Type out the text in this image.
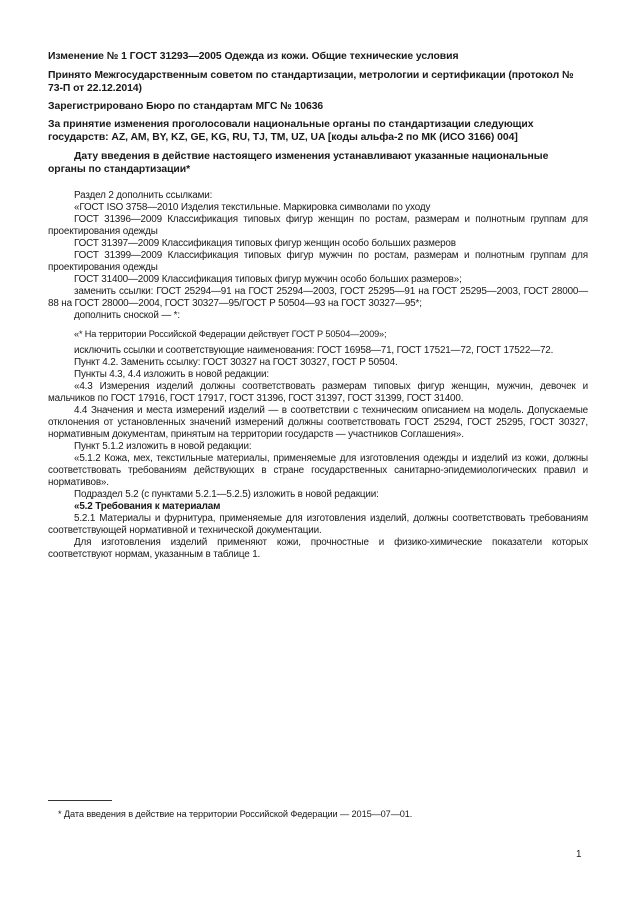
Изменение № 1 ГОСТ 31293—2005 Одежда из кожи. Общие технические условия
Принято Межгосударственным советом по стандартизации, метрологии и сертификации (протокол № 73-П от 22.12.2014)
Зарегистрировано Бюро по стандартам МГС № 10636
За принятие изменения проголосовали национальные органы по стандартизации следующих государств: AZ, AM, BY, KZ, GE, KG, RU, TJ, TM, UZ, UA [коды альфа-2 по МК (ИСО 3166) 004]
Дату введения в действие настоящего изменения устанавливают указанные национальные органы по стандартизации*

Раздел 2 дополнить ссылками:

«ГОСТ ISO 3758—2010 Изделия текстильные. Маркировка символами по уходу

ГОСТ 31396—2009 Классификация типовых фигур женщин по ростам, размерам и полнотным группам для проектирования одежды

ГОСТ 31397—2009 Классификация типовых фигур женщин особо больших размеров

ГОСТ 31399—2009 Классификация типовых фигур мужчин по ростам, размерам и полнотным группам для проектирования одежды

ГОСТ 31400—2009 Классификация типовых фигур мужчин особо больших размеров»;

заменить ссылки: ГОСТ 25294—91 на ГОСТ 25294—2003, ГОСТ 25295—91 на ГОСТ 25295—2003, ГОСТ 28000—88 на ГОСТ 28000—2004, ГОСТ 30327—95/ГОСТ Р 50504—93 на ГОСТ 30327—95*;

дополнить сноской — *:

«* На территории Российской Федерации действует ГОСТ Р 50504—2009»;

исключить ссылки и соответствующие наименования: ГОСТ 16958—71, ГОСТ 17521—72, ГОСТ 17522—72.

Пункт 4.2. Заменить ссылку: ГОСТ 30327 на ГОСТ 30327, ГОСТ Р 50504.

Пункты 4.3, 4.4 изложить в новой редакции:

«4.3 Измерения изделий должны соответствовать размерам типовых фигур женщин, мужчин, девочек и мальчиков по ГОСТ 17916, ГОСТ 17917, ГОСТ 31396, ГОСТ 31397, ГОСТ 31399, ГОСТ 31400.

4.4 Значения и места измерений изделий — в соответствии с техническим описанием на модель. Допускаемые отклонения от установленных значений измерений должны соответствовать ГОСТ 25294, ГОСТ 25295, ГОСТ 30327, нормативным документам, принятым на территории государств — участников Соглашения».

Пункт 5.1.2 изложить в новой редакции:

«5.1.2 Кожа, мех, текстильные материалы, применяемые для изготовления одежды и изделий из кожи, должны соответствовать требованиям действующих в стране государственных санитарно-эпидемиологических правил и нормативов».

Подраздел 5.2 (с пунктами 5.2.1—5.2.5) изложить в новой редакции:

«5.2 Требования к материалам

5.2.1 Материалы и фурнитура, применяемые для изготовления изделий, должны соответствовать требованиям соответствующей нормативной и технической документации.

Для изготовления изделий применяют кожи, прочностные и физико-химические показатели которых соответствуют нормам, указанным в таблице 1.

* Дата введения в действие на территории Российской Федерации — 2015—07—01.
1
